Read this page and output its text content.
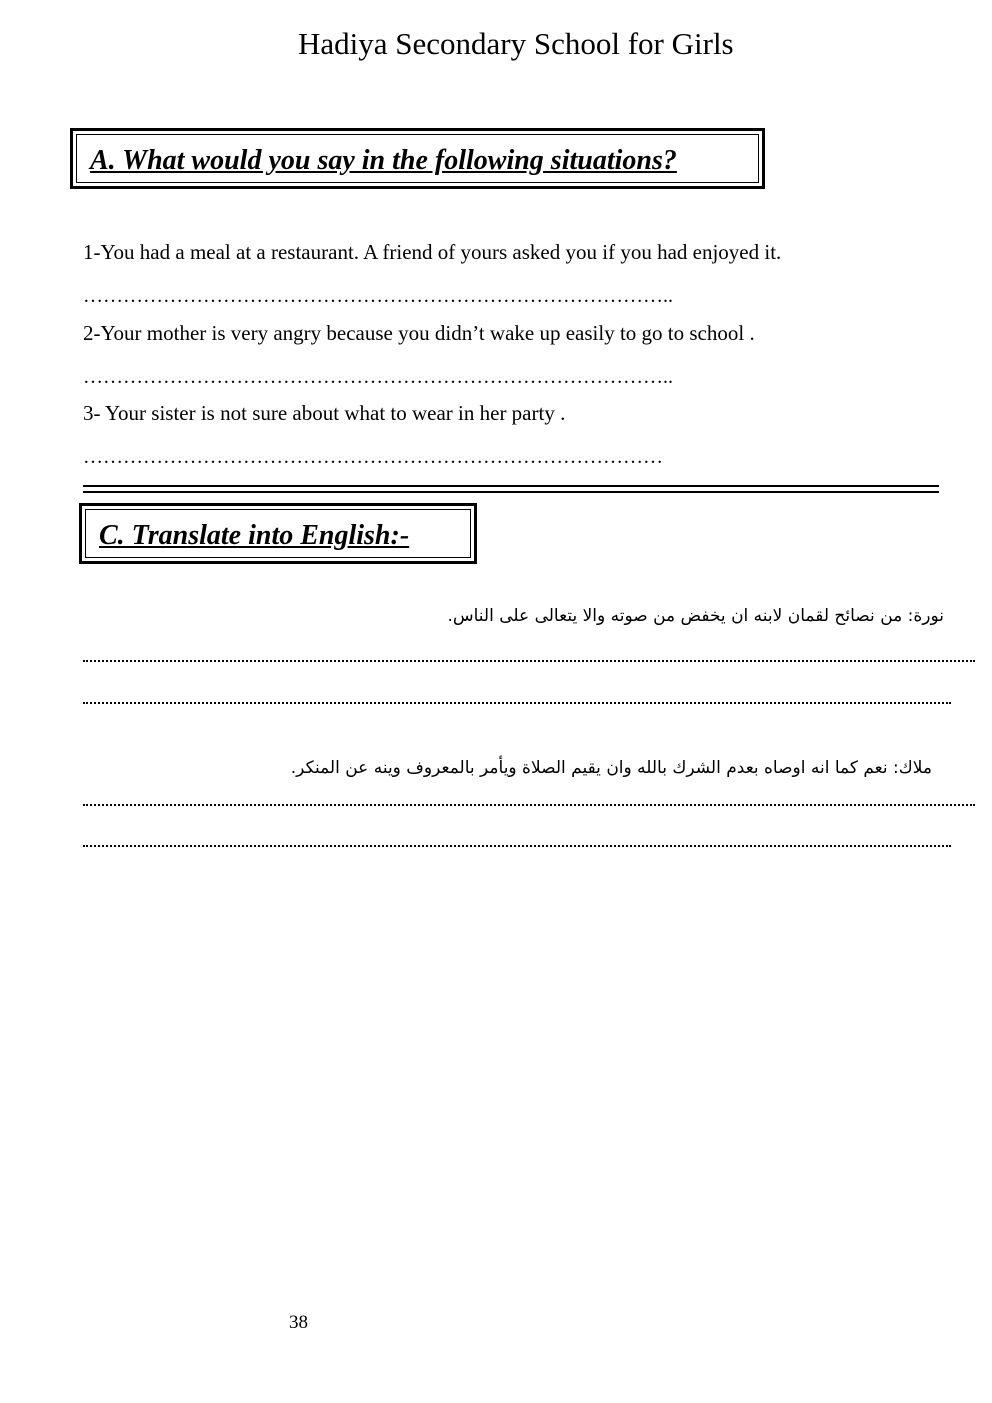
Hadiya Secondary School for Girls
A. What would you say in the following situations?
1-You had a meal at a restaurant. A friend of yours asked you if you had enjoyed it.
……………………………………………………………………………..
2-Your mother is very angry because you didn’t wake up easily to go to school .
……………………………………………………………………………..
3- Your sister is not sure about what to wear in her party .
……………………………………………………………………………
C. Translate into English:-
نورة: من نصائح لقمان لابنه ان يخفض من صوته والا يتعالى على الناس.
ملاك: نعم كما انه اوصاه بعدم الشرك بالله وان يقيم الصلاة ويأمر بالمعروف وينه عن المنكر.
38
